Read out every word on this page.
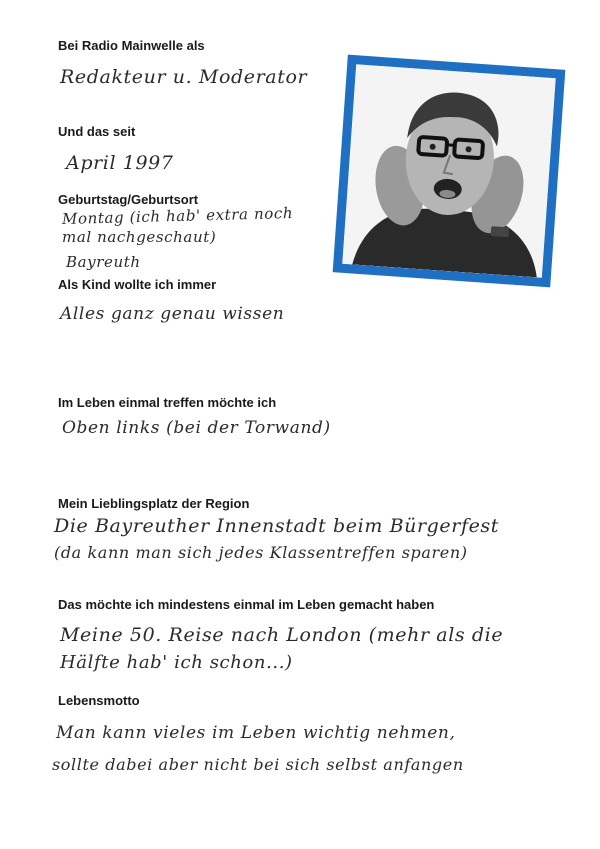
Bei Radio Mainwelle als
Redakteur u. Moderator
Und das seit
April 1997
Geburtstag/Geburtsort
Montag (ich hab' extra noch
mal nachgeschaut)
Bayreuth
Als Kind wollte ich immer
Alles ganz genau wissen
Im Leben einmal treffen möchte ich
Oben links (bei der Torwand)
Mein Lieblingsplatz der Region
Die Bayreuther Innenstadt beim Bürgerfest
(da kann man sich jedes Klassentreffen sparen)
Das möchte ich mindestens einmal im Leben gemacht haben
Meine 50. Reise nach London (mehr als die
Hälfte hab' ich schon...)
Lebensmotto
Man kann vieles im Leben wichtig nehmen,
sollte dabei aber nicht bei sich selbst anfangen
